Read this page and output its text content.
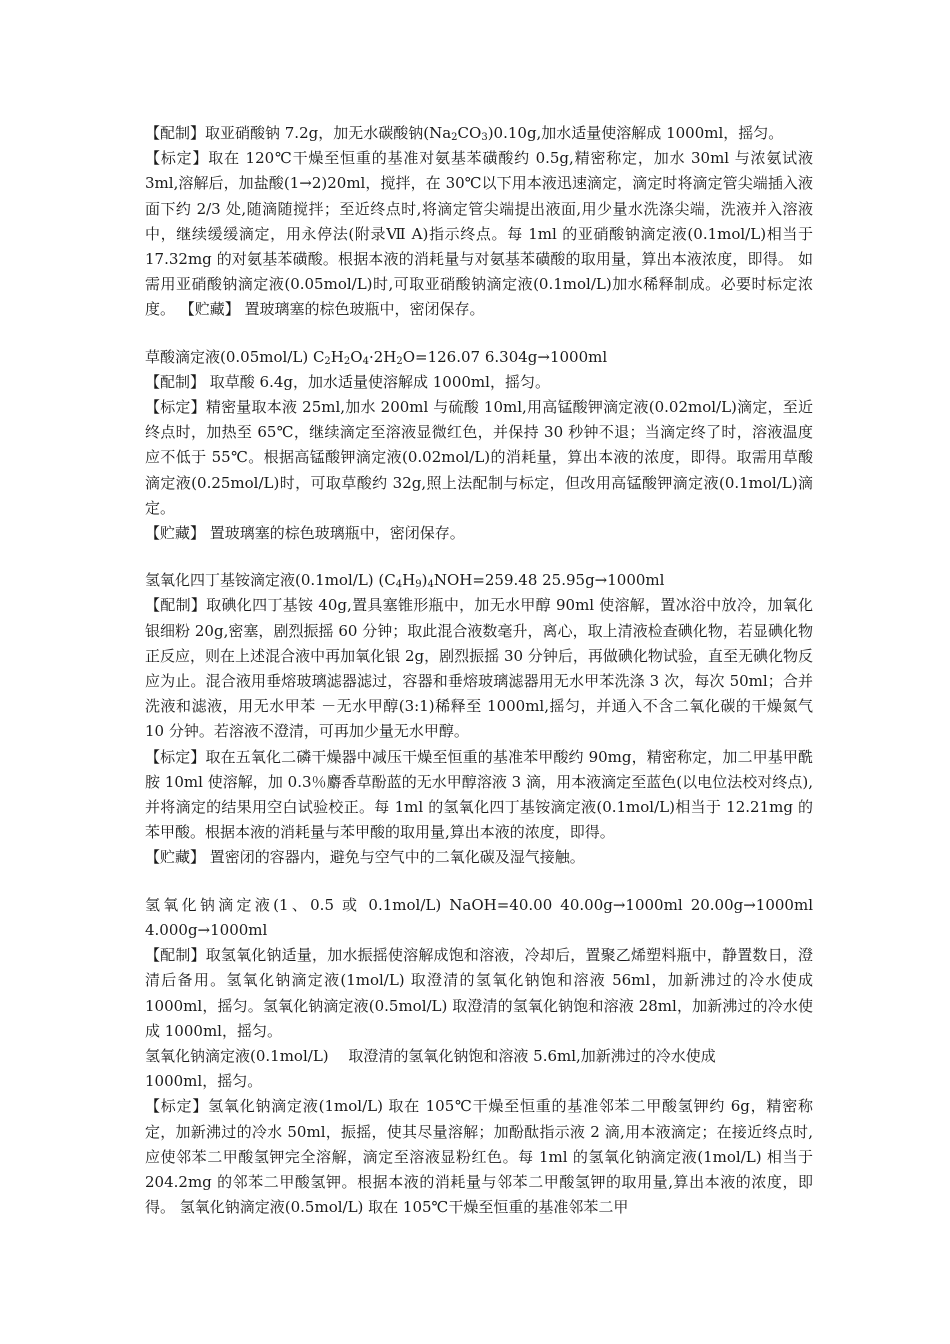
【配制】取亚硝酸钠 7.2g，加无水碳酸钠$(Na_2CO_3)0.10g$,加水适量使溶解成 1000ml，摇匀。

【标定】取在 120℃干燥至恒重的基准对氨基苯磺酸约 0.5g,精密称定，加水 30ml 与浓氨试液 3ml,溶解后，加盐酸(1→2)20ml，搅拌，在 30℃以下用本液迅速滴定，滴定时将滴定管尖端插入液面下约 2/3 处,随滴随搅拌；至近终点时,将滴定管尖端提出液面,用少量水洗涤尖端，洗液并入溶液中，继续缓缓滴定，用永停法(附录Ⅶ A)指示终点。每 1ml 的亚硝酸钠滴定液(0.1mol/L)相当于 17.32mg 的对氨基苯磺酸。根据本液的消耗量与对氨基苯磺酸的取用量，算出本液浓度，即得。 如需用亚硝酸钠滴定液(0.05mol/L)时,可取亚硝酸钠滴定液(0.1mol/L)加水稀释制成。必要时标定浓度。 【贮藏】 置玻璃塞的棕色玻瓶中，密闭保存。

草酸滴定液(0.05mol/L) $C_2H_2O_4\cdot 2H_2O=126.07$ 6.304g→1000ml

【配制】 取草酸 6.4g，加水适量使溶解成 1000ml，摇匀。

【标定】精密量取本液 25ml,加水 200ml 与硫酸 10ml,用高锰酸钾滴定液(0.02mol/L)滴定，至近终点时，加热至 65℃，继续滴定至溶液显微红色，并保持 30 秒钟不退；当滴定终了时，溶液温度应不低于 55℃。根据高锰酸钾滴定液(0.02mol/L)的消耗量，算出本液的浓度，即得。取需用草酸滴定液(0.25mol/L)时，可取草酸约 32g,照上法配制与标定，但改用高锰酸钾滴定液(0.1mol/L)滴定。

【贮藏】 置玻璃塞的棕色玻璃瓶中，密闭保存。

氢氧化四丁基铵滴定液(0.1mol/L) $(C_4H_9)_4NOH=259.48$ 25.95g→1000ml

【配制】取碘化四丁基铵 40g,置具塞锥形瓶中，加无水甲醇 90ml 使溶解，置冰浴中放冷，加氧化银细粉 20g,密塞，剧烈振摇 60 分钟；取此混合液数毫升，离心，取上清液检查碘化物，若显碘化物正反应，则在上述混合液中再加氧化银 2g，剧烈振摇 30 分钟后，再做碘化物试验，直至无碘化物反应为止。混合液用垂熔玻璃滤器滤过，容器和垂熔玻璃滤器用无水甲苯洗涤 3 次，每次 50ml；合并洗液和滤液，用无水甲苯 －无水甲醇(3:1)稀释至 1000ml,摇匀，并通入不含二氧化碳的干燥氮气 10 分钟。若溶液不澄清，可再加少量无水甲醇。

【标定】取在五氧化二磷干燥器中减压干燥至恒重的基准苯甲酸约 90mg，精密称定，加二甲基甲酰胺 10ml 使溶解，加 0.3％麝香草酚蓝的无水甲醇溶液 3 滴，用本液滴定至蓝色(以电位法校对终点),并将滴定的结果用空白试验校正。每 1ml 的氢氧化四丁基铵滴定液(0.1mol/L)相当于 12.21mg 的苯甲酸。根据本液的消耗量与苯甲酸的取用量,算出本液的浓度，即得。

【贮藏】 置密闭的容器内，避免与空气中的二氧化碳及湿气接触。

氢氧化钠滴定液(1、0.5 或 0.1mol/L) NaOH=40.00 40.00g→1000ml 20.00g→1000ml 4.000g→1000ml

【配制】取氢氧化钠适量，加水振摇使溶解成饱和溶液，冷却后，置聚乙烯塑料瓶中，静置数日，澄清后备用。氢氧化钠滴定液(1mol/L) 取澄清的氢氧化钠饱和溶液 56ml，加新沸过的冷水使成 1000ml，摇匀。氢氧化钠滴定液(0.5mol/L) 取澄清的氢氧化钠饱和溶液 28ml，加新沸过的冷水使成 1000ml，摇匀。

氢氧化钠滴定液(0.1mol/L)　 取澄清的氢氧化钠饱和溶液 5.6ml,加新沸过的冷水使成
1000ml，摇匀。

【标定】氢氧化钠滴定液(1mol/L) 取在 105℃干燥至恒重的基准邻苯二甲酸氢钾约 6g，精密称定，加新沸过的冷水 50ml，振摇，使其尽量溶解；加酚酞指示液 2 滴,用本液滴定；在接近终点时,应使邻苯二甲酸氢钾完全溶解，滴定至溶液显粉红色。每 1ml 的氢氧化钠滴定液(1mol/L) 相当于 204.2mg 的邻苯二甲酸氢钾。根据本液的消耗量与邻苯二甲酸氢钾的取用量,算出本液的浓度，即得。 氢氧化钠滴定液(0.5mol/L) 取在 105℃干燥至恒重的基准邻苯二甲
